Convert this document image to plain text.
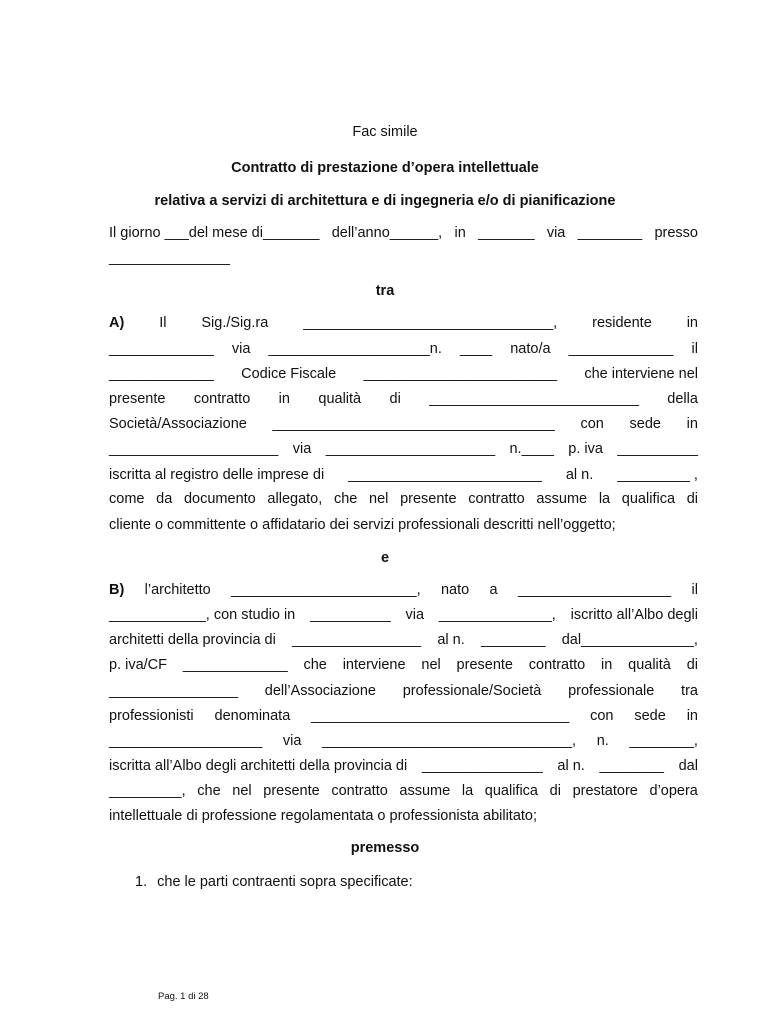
Fac simile
Contratto di prestazione d’opera intellettuale
relativa a servizi di architettura e di ingegneria e/o di pianificazione
Il giorno ___del mese di_______ dell’anno______, in _______ via ________ presso
_______________
tra
A) Il Sig./Sig.ra _______________________________, residente in
_____________ via ____________________n. ____ nato/a _____________ il
_____________ Codice Fiscale ________________________ che interviene nel
presente contratto in qualità di __________________________ della
Società/Associazione ___________________________________ con sede in
_____________________ via _____________________ n.____ p. iva __________
iscritta al registro delle imprese di ________________________ al n. _________ ,
come da documento allegato, che nel presente contratto assume la qualifica di
cliente o committente o affidatario dei servizi professionali descritti nell’oggetto;
e
B) l’architetto _______________________, nato a ___________________ il
____________, con studio in __________ via ______________, iscritto all’Albo degli
architetti della provincia di ________________ al n. ________ dal______________,
p. iva/CF _____________ che interviene nel presente contratto in qualità di
________________ dell’Associazione professionale/Società professionale tra
professionisti denominata ________________________________ con sede in
___________________ via _______________________________, n. ________,
iscritta all’Albo degli architetti della provincia di _______________ al n. ________ dal
_________, che nel presente contratto assume la qualifica di prestatore d’opera
intellettuale di professione regolamentata o professionista abilitato;
premesso
1. che le parti contraenti sopra specificate:
Pag. 1 di 28
